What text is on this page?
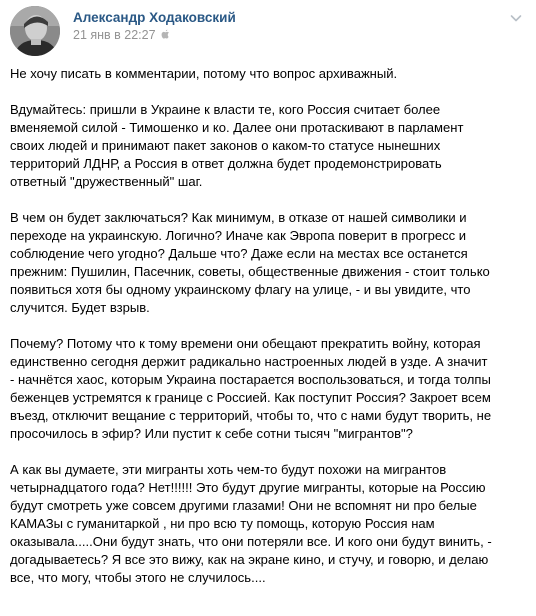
Александр Ходаковский
21 янв в 22:27

Не хочу писать в комментарии, потому что вопрос архиважный.

Вдумайтесь: пришли в Украине к власти те, кого Россия считает более
вменяемой силой - Тимошенко и ко. Далее они протаскивают в парламент
своих людей и принимают пакет законов о каком-то статусе нынешних
территорий ЛДНР, а Россия в ответ должна будет продемонстрировать
ответный "дружественный" шаг.

В чем он будет заключаться? Как минимум, в отказе от нашей символики и
переходе на украинскую. Логично? Иначе как Эвропа поверит в прогресс и
соблюдение чего угодно? Дальше что? Даже если на местах все останется
прежним: Пушилин, Пасечник, советы, общественные движения - стоит только
появиться хотя бы одному украинскому флагу на улице, - и вы увидите, что
случится. Будет взрыв.

Почему? Потому что к тому времени они обещают прекратить войну, которая
единственно сегодня держит радикально настроенных людей в узде. А значит
- начнётся хаос, которым Украина постарается воспользоваться, и тогда толпы
беженцев устремятся к границе с Россией. Как поступит Россия? Закроет всем
въезд, отключит вещание с территорий, чтобы то, что с нами будут творить, не
просочилось в эфир? Или пустит к себе сотни тысяч "мигрантов"?

А как вы думаете, эти мигранты хоть чем-то будут похожи на мигрантов
четырнадцатого года? Нет!!!!!! Это будут другие мигранты, которые на Россию
будут смотреть уже совсем другими глазами! Они не вспомнят ни про белые
КАМАЗы с гуманитаркой , ни про всю ту помощь, которую Россия нам
оказывала.....Они будут знать, что они потеряли все. И кого они будут винить, -
догадываетесь? Я все это вижу, как на экране кино, и стучу, и говорю, и делаю
все, что могу, чтобы этого не случилось....
